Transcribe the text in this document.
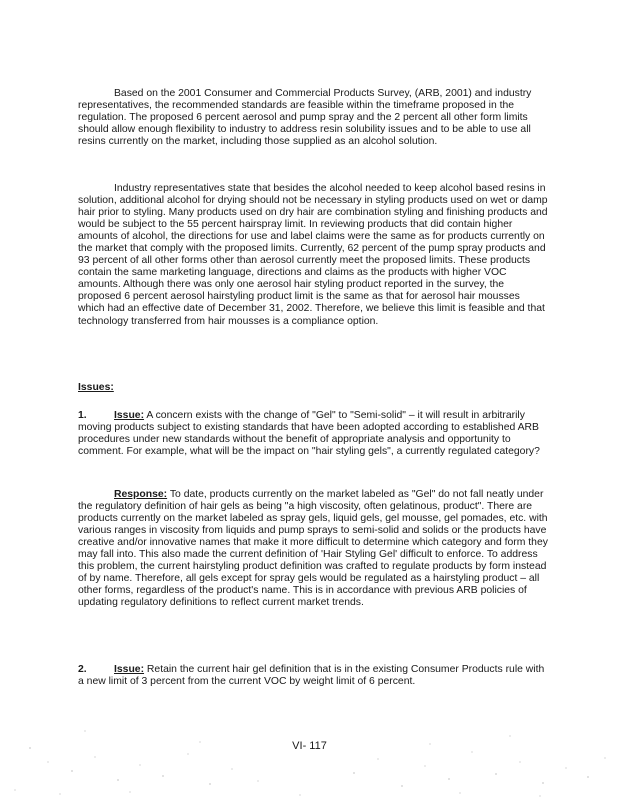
Based on the 2001 Consumer and Commercial Products Survey, (ARB, 2001) and industry representatives, the recommended standards are feasible within the timeframe proposed in the regulation. The proposed 6 percent aerosol and pump spray and the 2 percent all other form limits should allow enough flexibility to industry to address resin solubility issues and to be able to use all resins currently on the market, including those supplied as an alcohol solution.

Industry representatives state that besides the alcohol needed to keep alcohol based resins in solution, additional alcohol for drying should not be necessary in styling products used on wet or damp hair prior to styling. Many products used on dry hair are combination styling and finishing products and would be subject to the 55 percent hairspray limit. In reviewing products that did contain higher amounts of alcohol, the directions for use and label claims were the same as for products currently on the market that comply with the proposed limits. Currently, 62 percent of the pump spray products and 93 percent of all other forms other than aerosol currently meet the proposed limits. These products contain the same marketing language, directions and claims as the products with higher VOC amounts. Although there was only one aerosol hair styling product reported in the survey, the proposed 6 percent aerosol hairstyling product limit is the same as that for aerosol hair mousses which had an effective date of December 31, 2002. Therefore, we believe this limit is feasible and that technology transferred from hair mousses is a compliance option.

Issues:

1.	Issue: A concern exists with the change of "Gel" to "Semi-solid" – it will result in arbitrarily moving products subject to existing standards that have been adopted according to established ARB procedures under new standards without the benefit of appropriate analysis and opportunity to comment. For example, what will be the impact on "hair styling gels", a currently regulated category?

Response: To date, products currently on the market labeled as "Gel" do not fall neatly under the regulatory definition of hair gels as being "a high viscosity, often gelatinous, product". There are products currently on the market labeled as spray gels, liquid gels, gel mousse, gel pomades, etc. with various ranges in viscosity from liquids and pump sprays to semi-solid and solids or the products have creative and/or innovative names that make it more difficult to determine which category and form they may fall into. This also made the current definition of 'Hair Styling Gel' difficult to enforce. To address this problem, the current hairstyling product definition was crafted to regulate products by form instead of by name. Therefore, all gels except for spray gels would be regulated as a hairstyling product – all other forms, regardless of the product's name. This is in accordance with previous ARB policies of updating regulatory definitions to reflect current market trends.

2.	Issue: Retain the current hair gel definition that is in the existing Consumer Products rule with a new limit of 3 percent from the current VOC by weight limit of 6 percent.

VI- 117
